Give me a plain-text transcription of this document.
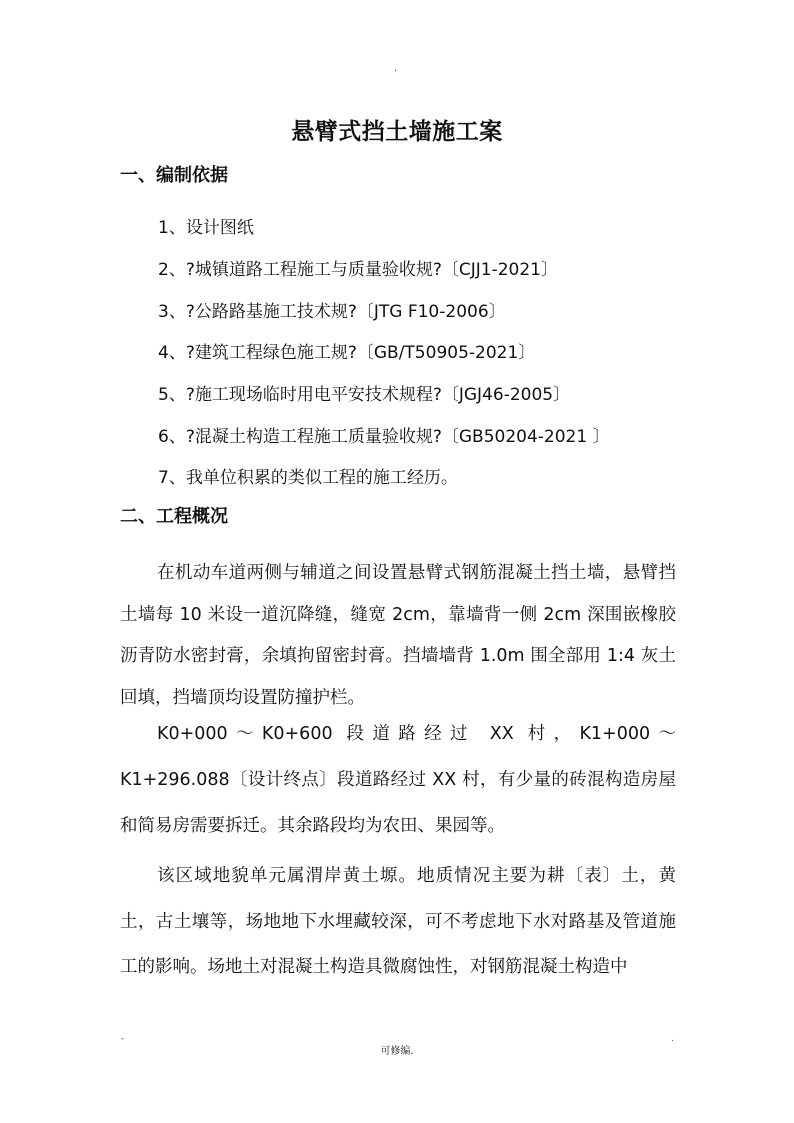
.
悬臂式挡土墙施工案
一、编制依据
1、设计图纸
2、?城镇道路工程施工与质量验收规?〔CJJ1-2021〕
3、?公路路基施工技术规?〔JTG F10-2006〕
4、?建筑工程绿色施工规?〔GB/T50905-2021〕
5、?施工现场临时用电平安技术规程?〔JGJ46-2005〕
6、?混凝土构造工程施工质量验收规?〔GB50204-2021 〕
7、我单位积累的类似工程的施工经历。
二、工程概况

在机动车道两侧与辅道之间设置悬臂式钢筋混凝土挡土墙，悬臂挡土墙每 10 米设一道沉降缝，缝宽 2cm，靠墙背一侧 2cm 深围嵌橡胶沥青防水密封膏，余填拘留密封膏。挡墙墙背 1.0m 围全部用 1:4 灰土回填，挡墙顶均设置防撞护栏。

K0+000～K0+600 段道路经过 XX 村，K1+000～K1+296.088〔设计终点〕段道路经过 XX 村，有少量的砖混构造房屋和简易房需要拆迁。其余路段均为农田、果园等。

该区域地貌单元属渭岸黄土塬。地质情况主要为耕〔表〕土，黄土，古土壤等，场地地下水埋藏较深，可不考虑地下水对路基及管道施工的影响。场地土对混凝土构造具微腐蚀性，对钢筋混凝土构造中

-	.
可修编.
